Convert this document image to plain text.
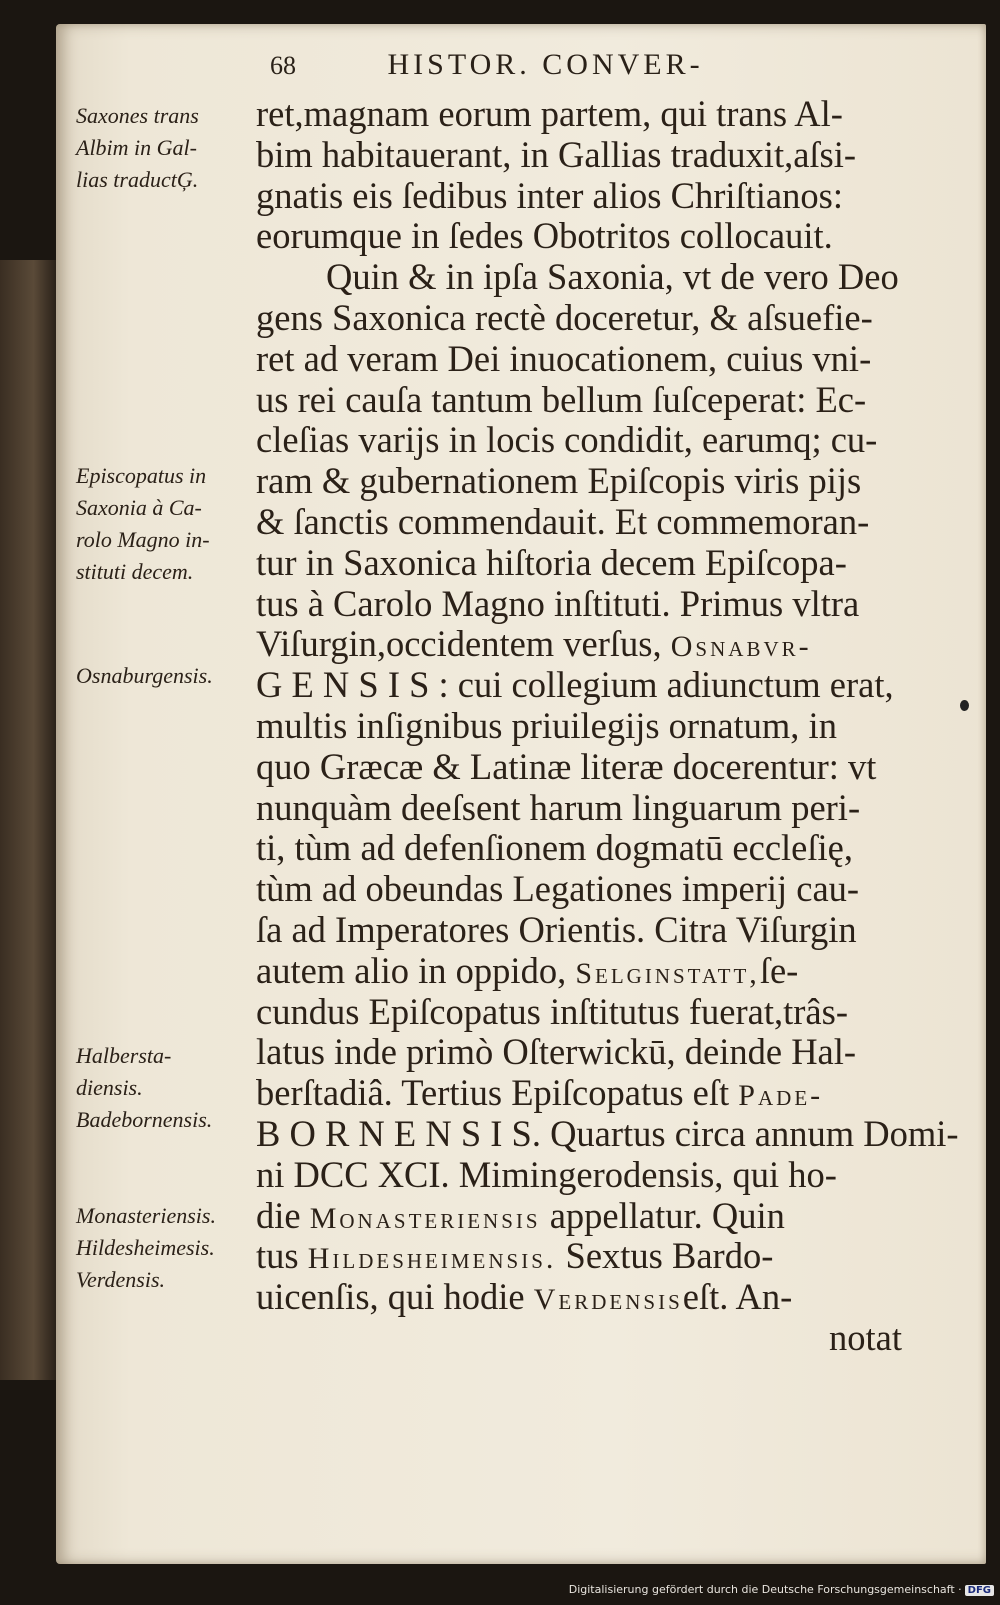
68	HISTOR. CONVER-
Saxones trans
Albim in Gal-
lias traductĢ.
Episcopatus in
Saxonia à Ca-
rolo Magno in-
stituti decem.
Osnaburgensis.
Halbersta-
diensis.
Badebornensis.
Monasteriensis.
Hildesheimesis.
Verdensis.
ret,magnam eorum partem, qui trans Al-
bim habitauerant, in Gallias traduxit,aſsi-
gnatis eis ſedibus inter alios Chriſtianos:
eorumque in ſedes Obotritos collocauit.
Quin & in ipſa Saxonia, vt de vero Deo
gens Saxonica rectè doceretur, & aſsuefie-
ret ad veram Dei inuocationem, cuius vni-
us rei cauſa tantum bellum ſuſceperat: Ec-
cleſias varijs in locis condidit, earumq; cu-
ram & gubernationem Epiſcopis viris pijs
& ſanctis commendauit. Et commemoran-
tur in Saxonica hiſtoria decem Epiſcopa-
tus à Carolo Magno inſtituti. Primus vltra
Viſurgin,occidentem verſus, Osnabvr-
G E N S I S : cui collegium adiunctum erat,
multis inſignibus priuilegijs ornatum, in
quo Græcæ & Latinæ literæ docerentur: vt
nunquàm deeſsent harum linguarum peri-
ti, tùm ad defenſionem dogmatū eccleſię,
tùm ad obeundas Legationes imperij cau-
ſa ad Imperatores Orientis. Citra Viſurgin
autem alio in oppido, Selginstatt,ſe-
cundus Epiſcopatus inſtitutus fuerat,trâs-
latus inde primò Oſterwickū, deinde Hal-
berſtadiâ. Tertius Epiſcopatus eſt Pade-
B O R N E N S I S. Quartus circa annum Domi-
ni DCC XCI. Mimingerodensis, qui ho-
die Monasteriensis appellatur. Quin
tus Hildesheimensis. Sextus Bardo-
uicenſis, qui hodie Verdensiseſt. An-
notat
Digitalisierung gefördert durch die Deutsche Forschungsgemeinschaft · DFG
